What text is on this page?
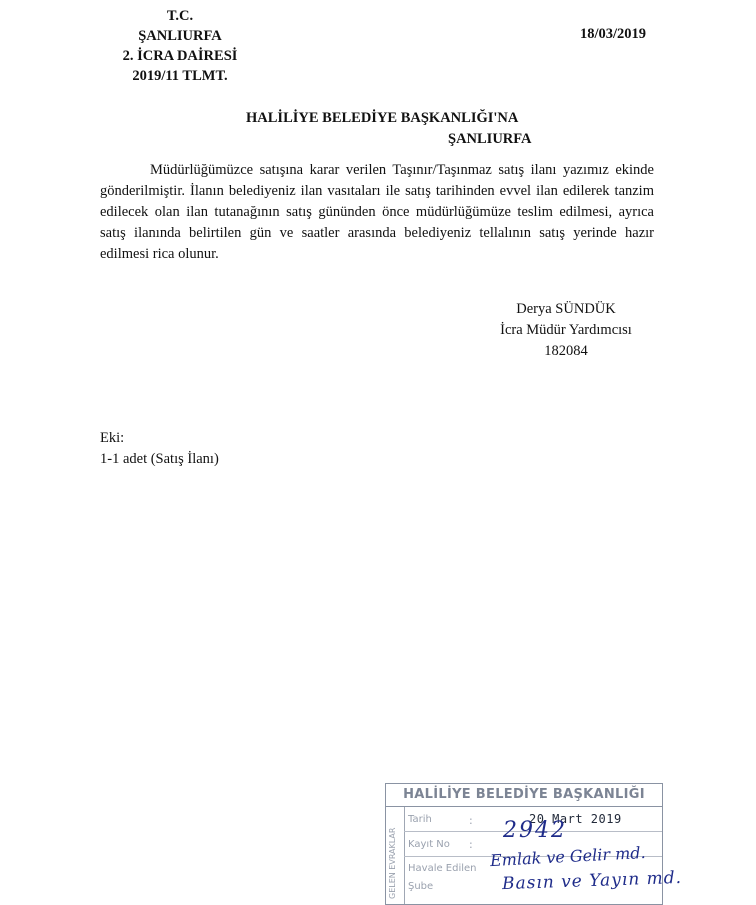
T.C.
ŞANLIURFA
2. İCRA DAİRESİ
2019/11 TLMT.
18/03/2019
HALİLİYE BELEDİYE BAŞKANLIĞI'NA
ŞANLIURFA
Müdürlüğümüzce satışına karar verilen Taşınır/Taşınmaz satış ilanı yazımız ekinde gönderilmiştir. İlanın belediyeniz ilan vasıtaları ile satış tarihinden evvel ilan edilerek tanzim edilecek olan ilan tutanağının satış gününden önce müdürlüğümüze teslim edilmesi, ayrıca satış ilanında belirtilen gün ve saatler arasında belediyeniz tellalının satış yerinde hazır edilmesi rica olunur.
Derya SÜNDÜK
İcra Müdür Yardımcısı
182084
Eki:
1-1 adet (Satış İlanı)
HALİLİYE BELEDİYE BAŞKANLIĞI
GELEN EVRAKLAR
Tarih	:	20 Mart 2019
Kayıt No :
Havale Edilen
Şube
2942
Emlak ve Gelir md.
Basın ve Yayın md.
